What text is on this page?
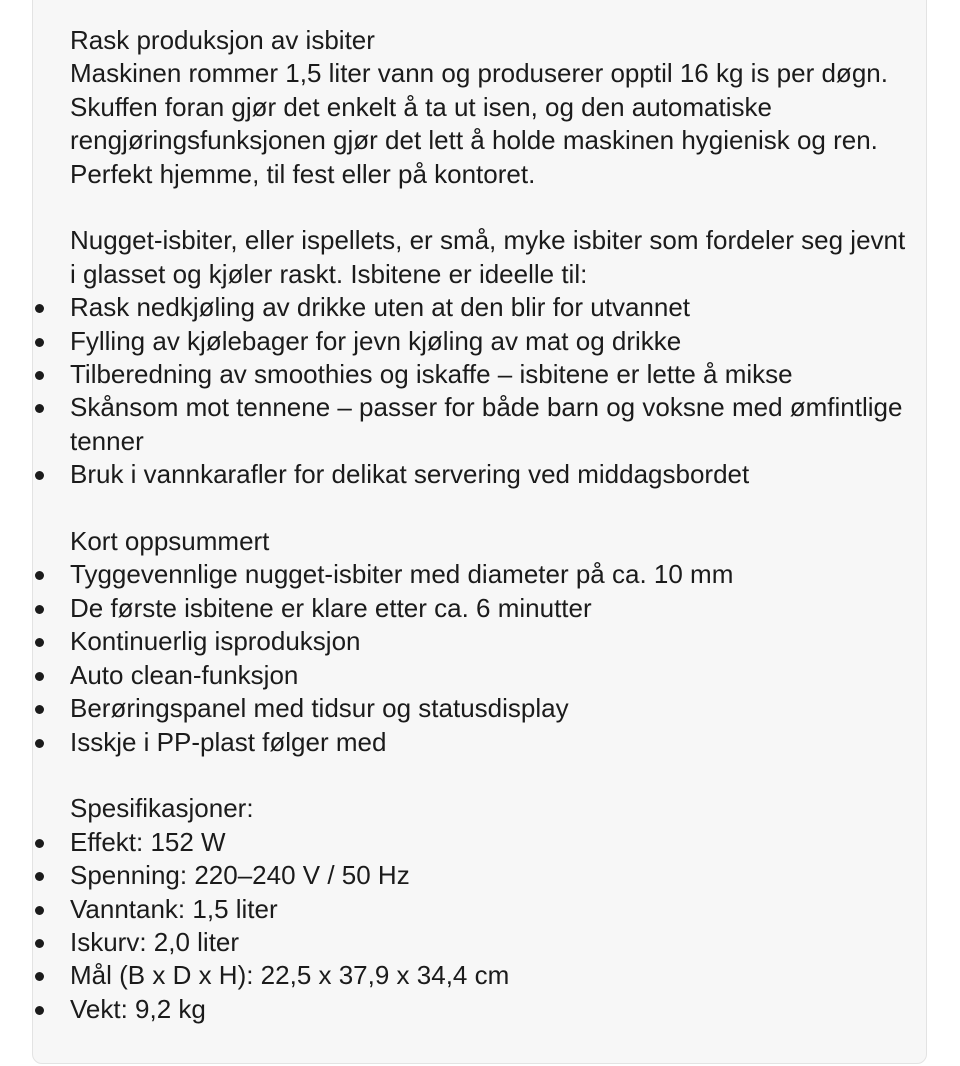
Rask produksjon av isbiter

Maskinen rommer 1,5 liter vann og produserer opptil 16 kg is per døgn. Skuffen foran gjør det enkelt å ta ut isen, og den automatiske rengjøringsfunksjonen gjør det lett å holde maskinen hygienisk og ren. Perfekt hjemme, til fest eller på kontoret.

Nugget-isbiter, eller ispellets, er små, myke isbiter som fordeler seg jevnt i glasset og kjøler raskt. Isbitene er ideelle til:

Rask nedkjøling av drikke uten at den blir for utvannet
Fylling av kjølebager for jevn kjøling av mat og drikke
Tilberedning av smoothies og iskaffe – isbitene er lette å mikse
Skånsom mot tennene – passer for både barn og voksne med ømfintlige tenner
Bruk i vannkarafler for delikat servering ved middagsbordet

Kort oppsummert

Tyggevennlige nugget-isbiter med diameter på ca. 10 mm
De første isbitene er klare etter ca. 6 minutter
Kontinuerlig isproduksjon
Auto clean-funksjon
Berøringspanel med tidsur og statusdisplay
Isskje i PP-plast følger med

Spesifikasjoner:

Effekt: 152 W
Spenning: 220–240 V / 50 Hz
Vanntank: 1,5 liter
Iskurv: 2,0 liter
Mål (B x D x H): 22,5 x 37,9 x 34,4 cm
Vekt: 9,2 kg
